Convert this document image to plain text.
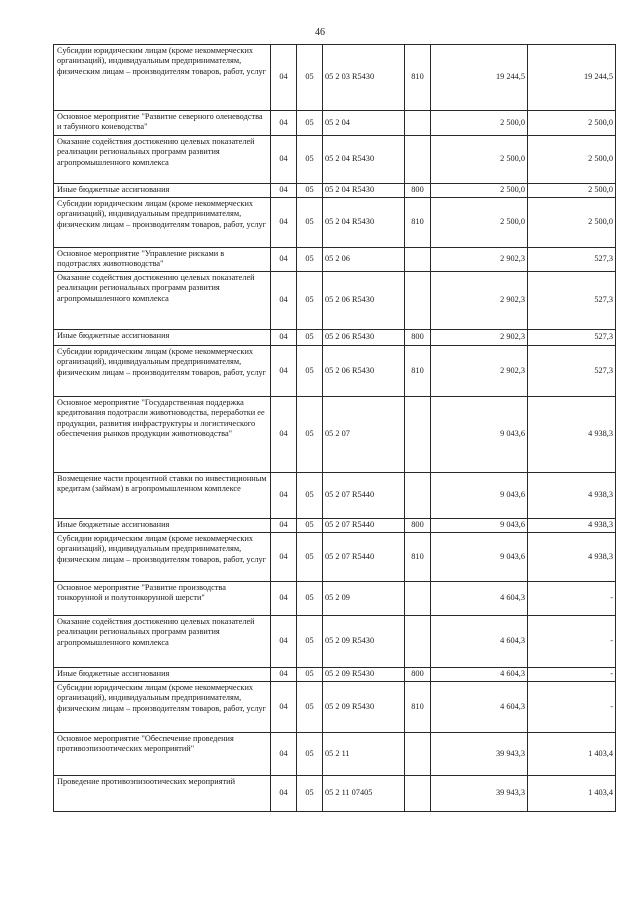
46
Субсидии юридическим лицам (кроме некоммерческих организаций), индивидуальным предпринимателям, физическим лицам – производителям товаров, работ, услуг	04	05	05 2 03 R5430	810	19 244,5	19 244,5
Основное мероприятие "Развитие северного оленеводства и табунного коневодства"	04	05	05 2 04		2 500,0	2 500,0
Оказание содействия достижению целевых показателей реализации региональных программ развития агропромышленного комплекса	04	05	05 2 04 R5430		2 500,0	2 500,0
Иные бюджетные ассигнования	04	05	05 2 04 R5430	800	2 500,0	2 500,0
Субсидии юридическим лицам (кроме некоммерческих организаций), индивидуальным предпринимателям, физическим лицам – производителям товаров, работ, услуг	04	05	05 2 04 R5430	810	2 500,0	2 500,0
Основное мероприятие "Управление рисками в подотраслях животноводства"	04	05	05 2 06		2 902,3	527,3
Оказание содействия достижению целевых показателей реализации региональных программ развития агропромышленного комплекса	04	05	05 2 06 R5430		2 902,3	527,3
Иные бюджетные ассигнования	04	05	05 2 06 R5430	800	2 902,3	527,3
Субсидии юридическим лицам (кроме некоммерческих организаций), индивидуальным предпринимателям, физическим лицам – производителям товаров, работ, услуг	04	05	05 2 06 R5430	810	2 902,3	527,3
Основное мероприятие "Государственная поддержка кредитования подотрасли животноводства, переработки ее продукции, развития инфраструктуры и логистического обеспечения рынков продукции животноводства"	04	05	05 2 07		9 043,6	4 938,3
Возмещение части процентной ставки по инвестиционным кредитам (займам) в агропромышленном комплексе	04	05	05 2 07 R5440		9 043,6	4 938,3
Иные бюджетные ассигнования	04	05	05 2 07 R5440	800	9 043,6	4 938,3
Субсидии юридическим лицам (кроме некоммерческих организаций), индивидуальным предпринимателям, физическим лицам – производителям товаров, работ, услуг	04	05	05 2 07 R5440	810	9 043,6	4 938,3
Основное мероприятие "Развитие производства тонкорунной и полутонкорунной шерсти"	04	05	05 2 09		4 604,3	-
Оказание содействия достижению целевых показателей реализации региональных программ развития агропромышленного комплекса	04	05	05 2 09 R5430		4 604,3	-
Иные бюджетные ассигнования	04	05	05 2 09 R5430	800	4 604,3	-
Субсидии юридическим лицам (кроме некоммерческих организаций), индивидуальным предпринимателям, физическим лицам – производителям товаров, работ, услуг	04	05	05 2 09 R5430	810	4 604,3	-
Основное мероприятие "Обеспечение проведения противоэпизоотических мероприятий"	04	05	05 2 11		39 943,3	1 403,4
Проведение противоэпизоотических мероприятий	04	05	05 2 11 07405		39 943,3	1 403,4
